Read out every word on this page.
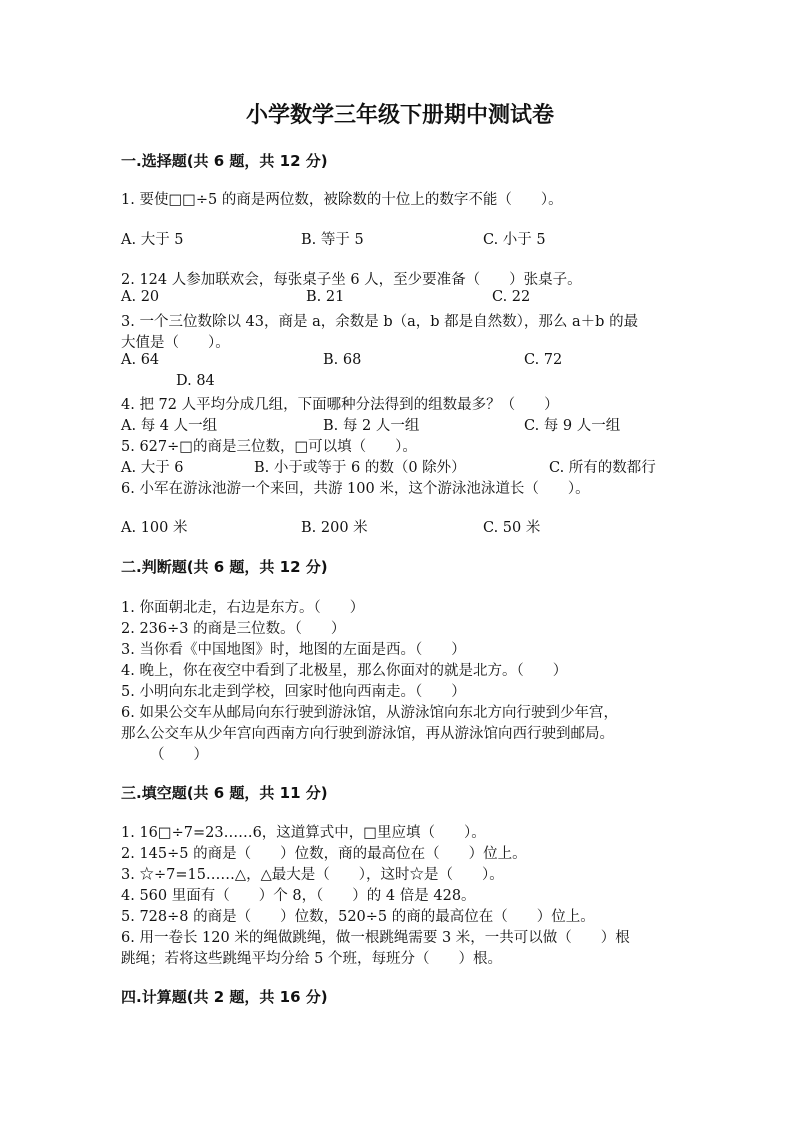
小学数学三年级下册期中测试卷
一.选择题(共 6 题，共 12 分)
1. 要使□□÷5 的商是两位数，被除数的十位上的数字不能（　　）。
A. 大于 5	B. 等于 5	C. 小于 5
2. 124 人参加联欢会，每张桌子坐 6 人，至少要准备（　　）张桌子。
A. 20	B. 21	C. 22
3. 一个三位数除以 43，商是 a，余数是 b（a，b 都是自然数），那么 a＋b 的最
大值是（　　）。
A. 64	B. 68	C. 72
D. 84
4. 把 72 人平均分成几组，下面哪种分法得到的组数最多？（　　）
A. 每 4 人一组	B. 每 2 人一组	C. 每 9 人一组
5. 627÷□的商是三位数，□可以填（　　）。
A. 大于 6	B. 小于或等于 6 的数（0 除外）	C. 所有的数都行
6. 小军在游泳池游一个来回，共游 100 米，这个游泳池泳道长（　　）。
A. 100 米	B. 200 米	C. 50 米
二.判断题(共 6 题，共 12 分)
1. 你面朝北走，右边是东方。（　　）
2. 236÷3 的商是三位数。（　　）
3. 当你看《中国地图》时，地图的左面是西。（　　）
4. 晚上，你在夜空中看到了北极星，那么你面对的就是北方。（　　）
5. 小明向东北走到学校，回家时他向西南走。（　　）
6. 如果公交车从邮局向东行驶到游泳馆，从游泳馆向东北方向行驶到少年宫，
那么公交车从少年宫向西南方向行驶到游泳馆，再从游泳馆向西行驶到邮局。
（　　）
三.填空题(共 6 题，共 11 分)
1. 16□÷7=23……6，这道算式中，□里应填（　　）。
2. 145÷5 的商是（　　）位数，商的最高位在（　　）位上。
3. ☆÷7=15……△，△最大是（　　），这时☆是（　　）。
4. 560 里面有（　　）个 8，（　　）的 4 倍是 428。
5. 728÷8 的商是（　　）位数，520÷5 的商的最高位在（　　）位上。
6. 用一卷长 120 米的绳做跳绳，做一根跳绳需要 3 米，一共可以做（　　）根
跳绳；若将这些跳绳平均分给 5 个班，每班分（　　）根。
四.计算题(共 2 题，共 16 分)
